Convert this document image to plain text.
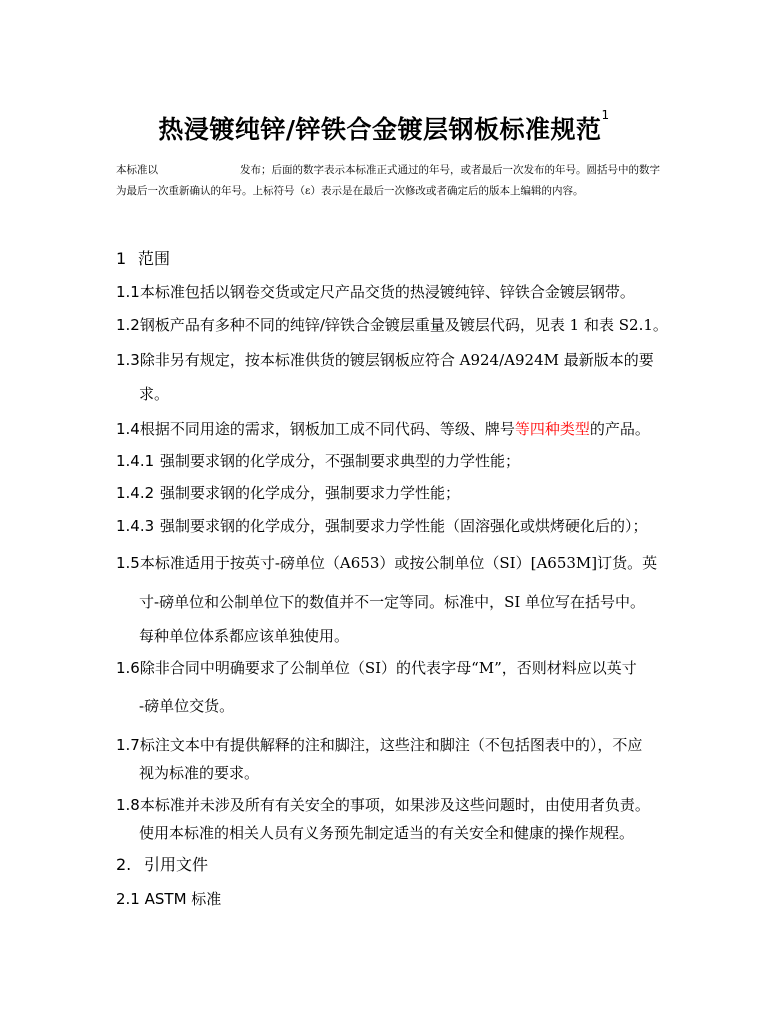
热浸镀纯锌/锌铁合金镀层钢板标准规范$^1$

本标准以	发布；后面的数字表示本标准正式通过的年号，或者最后一次发布的年号。圆括号中的数字为最后一次重新确认的年号。上标符号（ε）表示是在最后一次修改或者确定后的版本上编辑的内容。

1 范围

1.1本标准包括以钢卷交货或定尺产品交货的热浸镀纯锌、锌铁合金镀层钢带。

1.2钢板产品有多种不同的纯锌/锌铁合金镀层重量及镀层代码，见表 1 和表 S2.1。

1.3除非另有规定，按本标准供货的镀层钢板应符合 A924/A924M 最新版本的要

求。

1.4根据不同用途的需求，钢板加工成不同代码、等级、牌号等四种类型的产品。

1.4.1 强制要求钢的化学成分，不强制要求典型的力学性能；

1.4.2 强制要求钢的化学成分，强制要求力学性能；

1.4.3 强制要求钢的化学成分，强制要求力学性能（固溶强化或烘烤硬化后的）；

1.5本标准适用于按英寸-磅单位（A653）或按公制单位（SI）[A653M]订货。英

寸-磅单位和公制单位下的数值并不一定等同。标准中，SI 单位写在括号中。

每种单位体系都应该单独使用。

1.6除非合同中明确要求了公制单位（SI）的代表字母“M”，否则材料应以英寸

-磅单位交货。

1.7标注文本中有提供解释的注和脚注，这些注和脚注（不包括图表中的），不应

视为标准的要求。

1.8本标准并未涉及所有有关安全的事项，如果涉及这些问题时，由使用者负责。

使用本标准的相关人员有义务预先制定适当的有关安全和健康的操作规程。

2. 引用文件

2.1 ASTM 标准
